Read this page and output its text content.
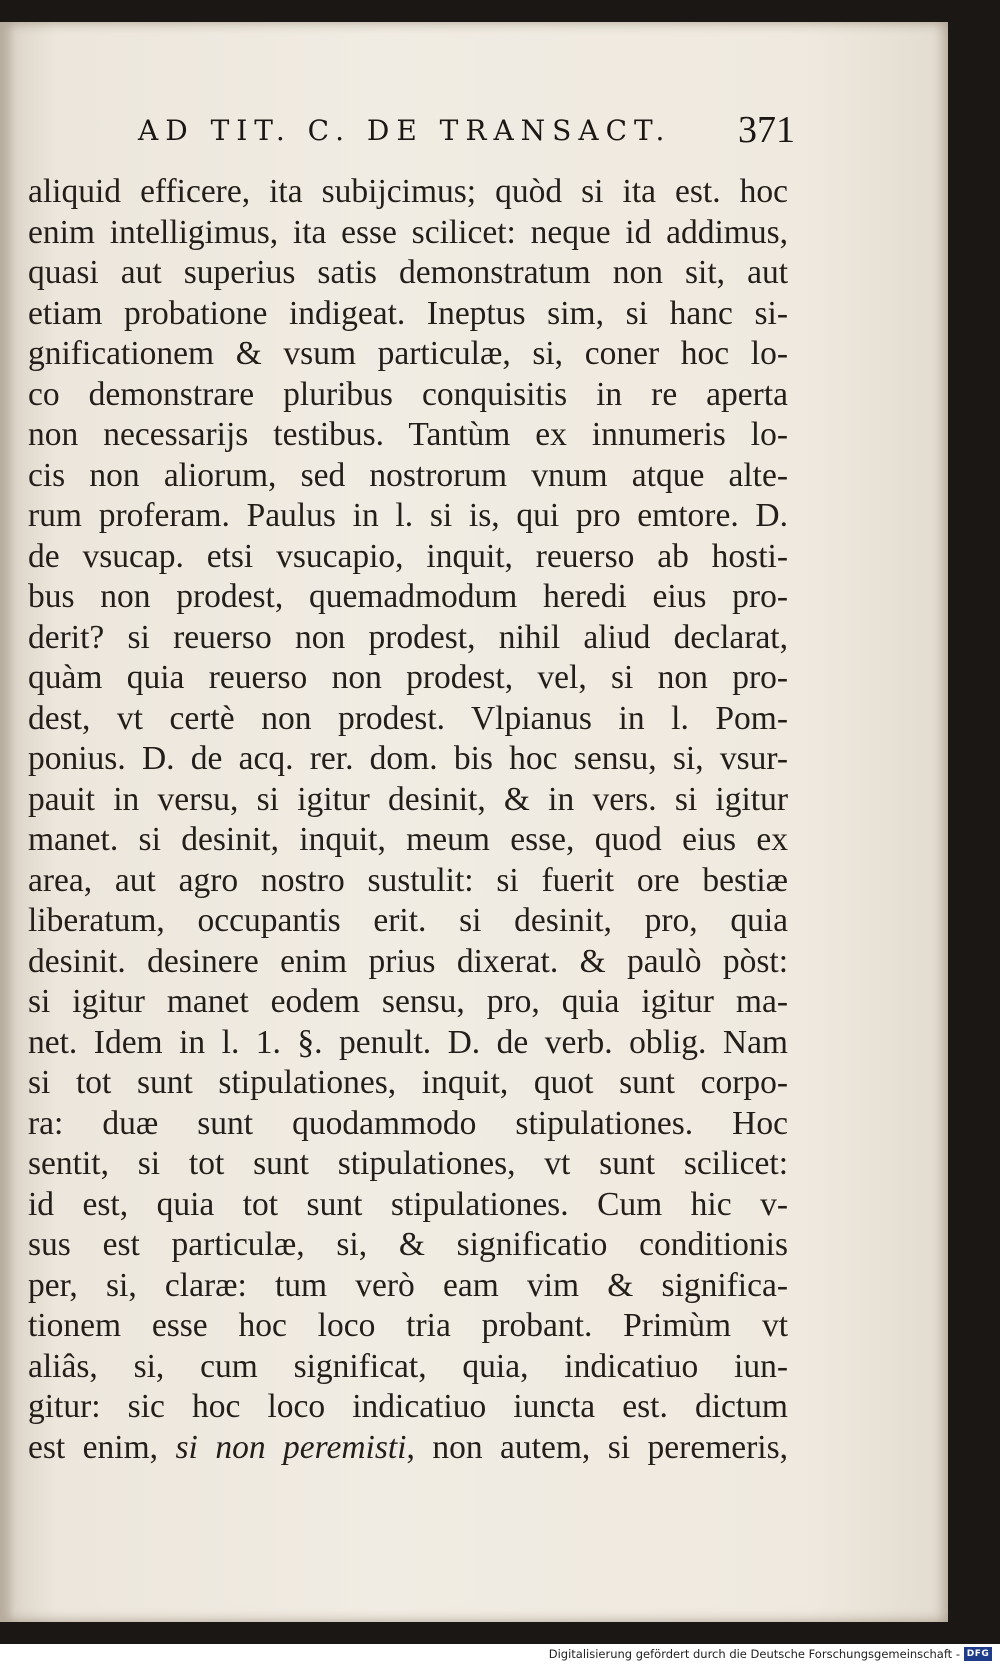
AD TIT. C. DE TRANSACT. 371
aliquid efficere, ita subijcimus; quòd si ita est. hoc
enim intelligimus, ita esse scilicet: neque id addimus,
quasi aut superius satis demonstratum non sit, aut
etiam probatione indigeat. Ineptus sim, si hanc si-
gnificationem & vsum particulæ, si, coner hoc lo-
co demonstrare pluribus conquisitis in re aperta
non necessarijs testibus. Tantùm ex innumeris lo-
cis non aliorum, sed nostrorum vnum atque alte-
rum proferam. Paulus in l. si is, qui pro emtore. D.
de vsucap. etsi vsucapio, inquit, reuerso ab hosti-
bus non prodest, quemadmodum heredi eius pro-
derit? si reuerso non prodest, nihil aliud declarat,
quàm quia reuerso non prodest, vel, si non pro-
dest, vt certè non prodest. Vlpianus in l. Pom-
ponius. D. de acq. rer. dom. bis hoc sensu, si, vsur-
pauit in versu, si igitur desinit, & in vers. si igitur
manet. si desinit, inquit, meum esse, quod eius ex
area, aut agro nostro sustulit: si fuerit ore bestiæ
liberatum, occupantis erit. si desinit, pro, quia
desinit. desinere enim prius dixerat. & paulò pòst:
si igitur manet eodem sensu, pro, quia igitur ma-
net. Idem in l. 1. §. penult. D. de verb. oblig. Nam
si tot sunt stipulationes, inquit, quot sunt corpo-
ra: duæ sunt quodammodo stipulationes. Hoc
sentit, si tot sunt stipulationes, vt sunt scilicet:
id est, quia tot sunt stipulationes. Cum hic v-
sus est particulæ, si, & significatio conditionis
per, si, claræ: tum verò eam vim & significa-
tionem esse hoc loco tria probant. Primùm vt
aliâs, si, cum significat, quia, indicatiuo iun-
gitur: sic hoc loco indicatiuo iuncta est. dictum
est enim, si non peremisti, non autem, si peremeris,
Digitalisierung gefördert durch die Deutsche Forschungsgemeinschaft - DFG
